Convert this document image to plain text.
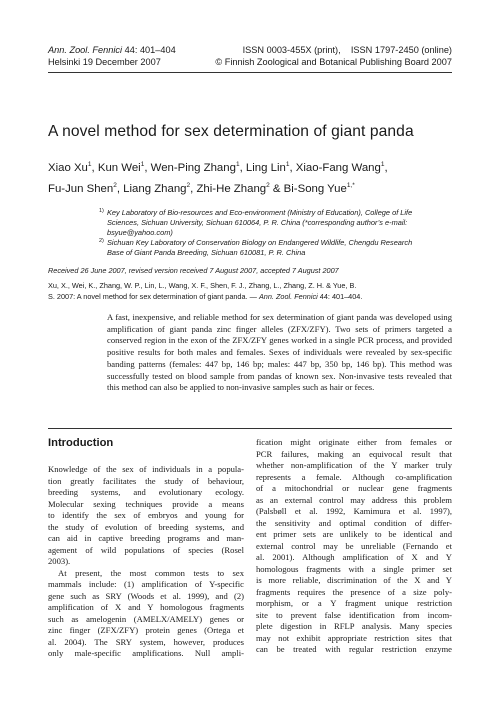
Ann. Zool. Fennici 44: 401–404	ISSN 0003-455X (print),    ISSN 1797-2450 (online)
Helsinki 19 December 2007	© Finnish Zoological and Botanical Publishing Board 2007
A novel method for sex determination of giant panda
Xiao Xu$^1$, Kun Wei$^1$, Wen-Ping Zhang$^1$, Ling Lin$^1$, Xiao-Fang Wang$^1$,
Fu-Jun Shen$^2$, Liang Zhang$^2$, Zhi-He Zhang$^2$ & Bi-Song Yue$^{1,*}$
1) Key Laboratory of Bio-resources and Eco-environment (Ministry of Education), College of Life
Sciences, Sichuan University, Sichuan 610064, P. R. China (*corresponding author’s e-mail:
bsyue@yahoo.com)
2) Sichuan Key Laboratory of Conservation Biology on Endangered Wildlife, Chengdu Research
Base of Giant Panda Breeding, Sichuan 610081, P. R. China
Received 26 June 2007, revised version received 7 August 2007, accepted 7 August 2007
Xu, X., Wei, K., Zhang, W. P., Lin, L., Wang, X. F., Shen, F. J., Zhang, L., Zhang, Z. H. & Yue, B.
S. 2007: A novel method for sex determination of giant panda. — Ann. Zool. Fennici 44: 401–404.
A fast, inexpensive, and reliable method for sex determination of giant panda was developed using amplification of giant panda zinc finger alleles (ZFX/ZFY). Two sets of primers targeted a conserved region in the exon of the ZFX/ZFY genes worked in a single PCR process, and provided positive results for both males and females. Sexes of individuals were revealed by sex-specific banding patterns (females: 447 bp, 146 bp; males: 447 bp, 350 bp, 146 bp). This method was successfully tested on blood sample from pandas of known sex. Non-invasive tests revealed that this method can also be applied to non-invasive samples such as hair or feces.
Introduction
Knowledge of the sex of individuals in a popula-
tion greatly facilitates the study of behaviour,
breeding systems, and evolutionary ecology.
Molecular sexing techniques provide a means
to identify the sex of embryos and young for
the study of evolution of breeding systems, and
can aid in captive breeding programs and man-
agement of wild populations of species (Rosel
2003).
At present, the most common tests to sex
mammals include: (1) amplification of Y-specific
gene such as SRY (Woods et al. 1999), and (2)
amplification of X and Y homologous fragments
such as amelogenin (AMELX/AMELY) genes or
zinc finger (ZFX/ZFY) protein genes (Ortega et
al. 2004). The SRY system, however, produces
only male-specific amplifications. Null ampli-
fication might originate either from females or
PCR failures, making an equivocal result that
whether non-amplification of the Y marker truly
represents a female. Although co-amplification
of a mitochondrial or nuclear gene fragments
as an external control may address this problem
(Palsbøll et al. 1992, Kamimura et al. 1997),
the sensitivity and optimal condition of differ-
ent primer sets are unlikely to be identical and
external control may be unreliable (Fernando et
al. 2001). Although amplification of X and Y
homologous fragments with a single primer set
is more reliable, discrimination of the X and Y
fragments requires the presence of a size poly-
morphism, or a Y fragment unique restriction
site to prevent false identification from incom-
plete digestion in RFLP analysis. Many species
may not exhibit appropriate restriction sites that
can be treated with regular restriction enzyme
